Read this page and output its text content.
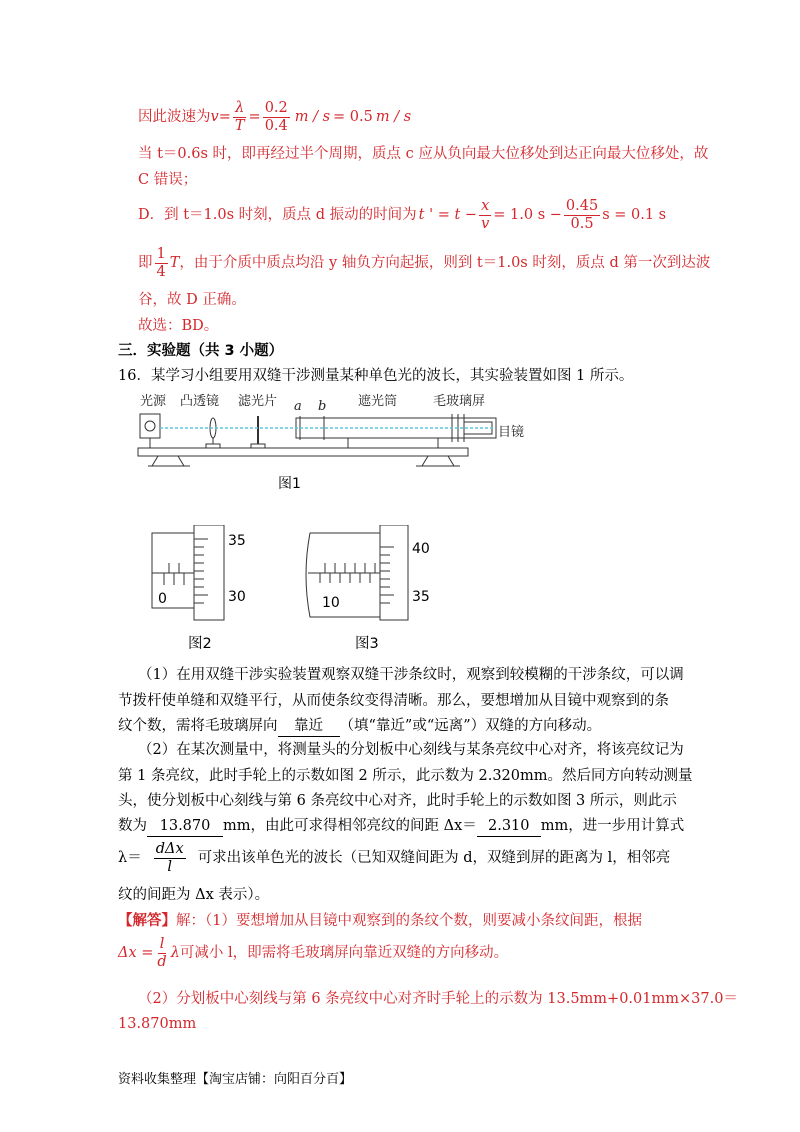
因此波速为 $v = \frac{\lambda}{T} = \frac{0.2}{0.4}$ m / s = 0.5 m / s
当 t＝0.6s 时，即再经过半个周期，质点 c 应从负向最大位移处到达正向最大位移处，故
C 错误；
D．到 t＝1.0s 时刻，质点 d 振动的时间为 t ' = $t - \frac{x}{v} = 1.0$ $s - \frac{0.45}{0.5}$ s = 0.1 s
即 $\frac{1}{4}$ T ，由于介质中质点均沿 y 轴负方向起振，则到 t＝1.0s 时刻，质点 d 第一次到达波
谷，故 D 正确。
故选：BD。
三．实验题（共 3 小题）
16．某学习小组要用双缝干涉测量某种单色光的波长，其实验装置如图 1 所示。
光源 凸透镜 滤光片 a b 遮光筒	毛玻璃屏
目镜
图1
35
30
0
图2
40
35
10
图3
（1）在用双缝干涉实验装置观察双缝干涉条纹时，观察到较模糊的干涉条纹，可以调
节拨杆使单缝和双缝平行，从而使条纹变得清晰。那么，要想增加从目镜中观察到的条
纹个数，需将毛玻璃屏向 靠近 （填“靠近”或“远离”）双缝的方向移动。
（2）在某次测量中，将测量头的分划板中心刻线与某条亮纹中心对齐，将该亮纹记为
第 1 条亮纹，此时手轮上的示数如图 2 所示，此示数为 2.320mm。然后同方向转动测量
头，使分划板中心刻线与第 6 条亮纹中心对齐，此时手轮上的示数如图 3 所示，则此示
数为 13.870 mm，由此可求得相邻亮纹的间距 Δx＝ 2.310 mm，进一步用计算式
$\lambda= \frac{\text{dΔx}}{l}$ 可求出该单色光的波长（已知双缝间距为 d，双缝到屏的距离为 l，相邻亮
纹的间距为 Δx 表示）。
【解答】解：（1）要想增加从目镜中观察到的条纹个数，则要减小条纹间距，根据
$\Delta x = \frac{l}{d}$ λ 可减小 l，即需将毛玻璃屏向靠近双缝的方向移动。
（2）分划板中心刻线与第 6 条亮纹中心对齐时手轮上的示数为 13.5mm+0.01mm×37.0＝
13.870mm
资料收集整理【淘宝店铺：向阳百分百】
